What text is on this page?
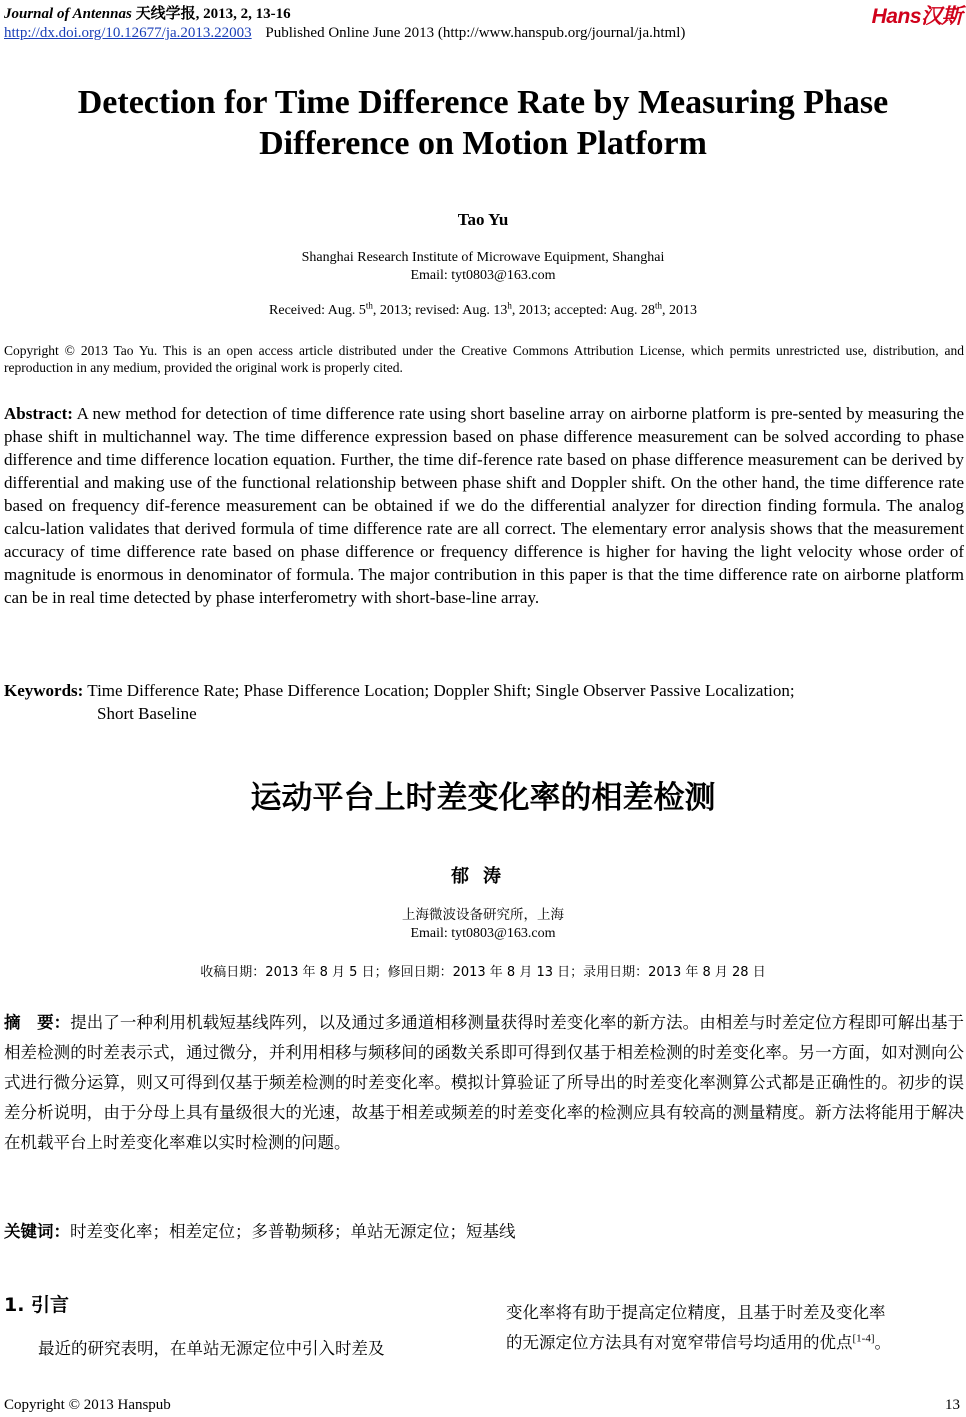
Journal of Antennas 天线学报, 2013, 2, 13-16
http://dx.doi.org/10.12677/ja.2013.22003 Published Online June 2013 (http://www.hanspub.org/journal/ja.html)
Hans汉斯
Detection for Time Difference Rate by Measuring Phase Difference on Motion Platform
Tao Yu
Shanghai Research Institute of Microwave Equipment, Shanghai
Email: tyt0803@163.com
Received: Aug. 5th, 2013; revised: Aug. 13$^h$, 2013; accepted: Aug. 28th, 2013
Copyright © 2013 Tao Yu. This is an open access article distributed under the Creative Commons Attribution License, which permits unrestricted use, distribution, and reproduction in any medium, provided the original work is properly cited.
Abstract: A new method for detection of time difference rate using short baseline array on airborne platform is pre-sented by measuring the phase shift in multichannel way. The time difference expression based on phase difference measurement can be solved according to phase difference and time difference location equation. Further, the time dif-ference rate based on phase difference measurement can be derived by differential and making use of the functional relationship between phase shift and Doppler shift. On the other hand, the time difference rate based on frequency dif-ference measurement can be obtained if we do the differential analyzer for direction finding formula. The analog calcu-lation validates that derived formula of time difference rate are all correct. The elementary error analysis shows that the measurement accuracy of time difference rate based on phase difference or frequency difference is higher for having the light velocity whose order of magnitude is enormous in denominator of formula. The major contribution in this paper is that the time difference rate on airborne platform can be in real time detected by phase interferometry with short-base-line array.
Keywords: Time Difference Rate; Phase Difference Location; Doppler Shift; Single Observer Passive Localization;
Short Baseline
运动平台上时差变化率的相差检测
郁涛
上海微波设备研究所，上海
Email: tyt0803@163.com
收稿日期：2013 年 8 月 5 日；修回日期：2013 年 8 月 13 日；录用日期：2013 年 8 月 28 日
摘　要：提出了一种利用机载短基线阵列，以及通过多通道相移测量获得时差变化率的新方法。由相差与时差定位方程即可解出基于相差检测的时差表示式，通过微分，并利用相移与频移间的函数关系即可得到仅基于相差检测的时差变化率。另一方面，如对测向公式进行微分运算，则又可得到仅基于频差检测的时差变化率。模拟计算验证了所导出的时差变化率测算公式都是正确性的。初步的误差分析说明，由于分母上具有量级很大的光速，故基于相差或频差的时差变化率的检测应具有较高的测量精度。新方法将能用于解决在机载平台上时差变化率难以实时检测的问题。
关键词：时差变化率；相差定位；多普勒频移；单站无源定位；短基线
1. 引言
最近的研究表明，在单站无源定位中引入时差及
变化率将有助于提高定位精度，且基于时差及变化率
的无源定位方法具有对宽窄带信号均适用的优点[1-4]。
Copyright © 2013 Hanspub	13
